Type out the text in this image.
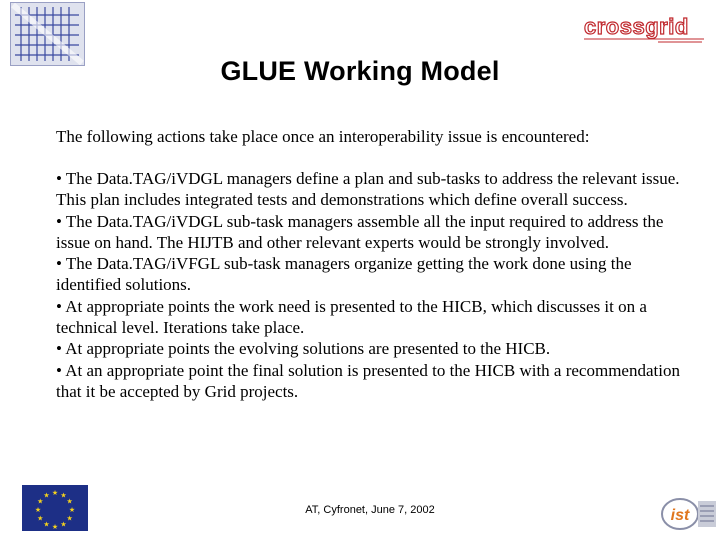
crossgrid
GLUE Working Model
The following actions take place once an interoperability issue is encountered:

• The Data.TAG/iVDGL managers define a plan and sub-tasks to address the relevant issue. This plan includes integrated tests and demonstrations which define overall success.

• The Data.TAG/iVDGL sub-task managers assemble all the input required to address the issue on hand. The HIJTB and other relevant experts would be strongly involved.

• The Data.TAG/iVFGL sub-task managers organize getting the work done using the identified solutions.

• At appropriate points the work need is presented to the HICB, which discusses it on a technical level. Iterations take place.

• At appropriate points the evolving solutions are presented to the HICB.

• At an appropriate point the final solution is presented to the HICB with a recommendation that it be accepted by Grid projects.

★ ★
★
★
★
★
★
★
★
★
★
★
AT, Cyfronet, June 7, 2002	ist
